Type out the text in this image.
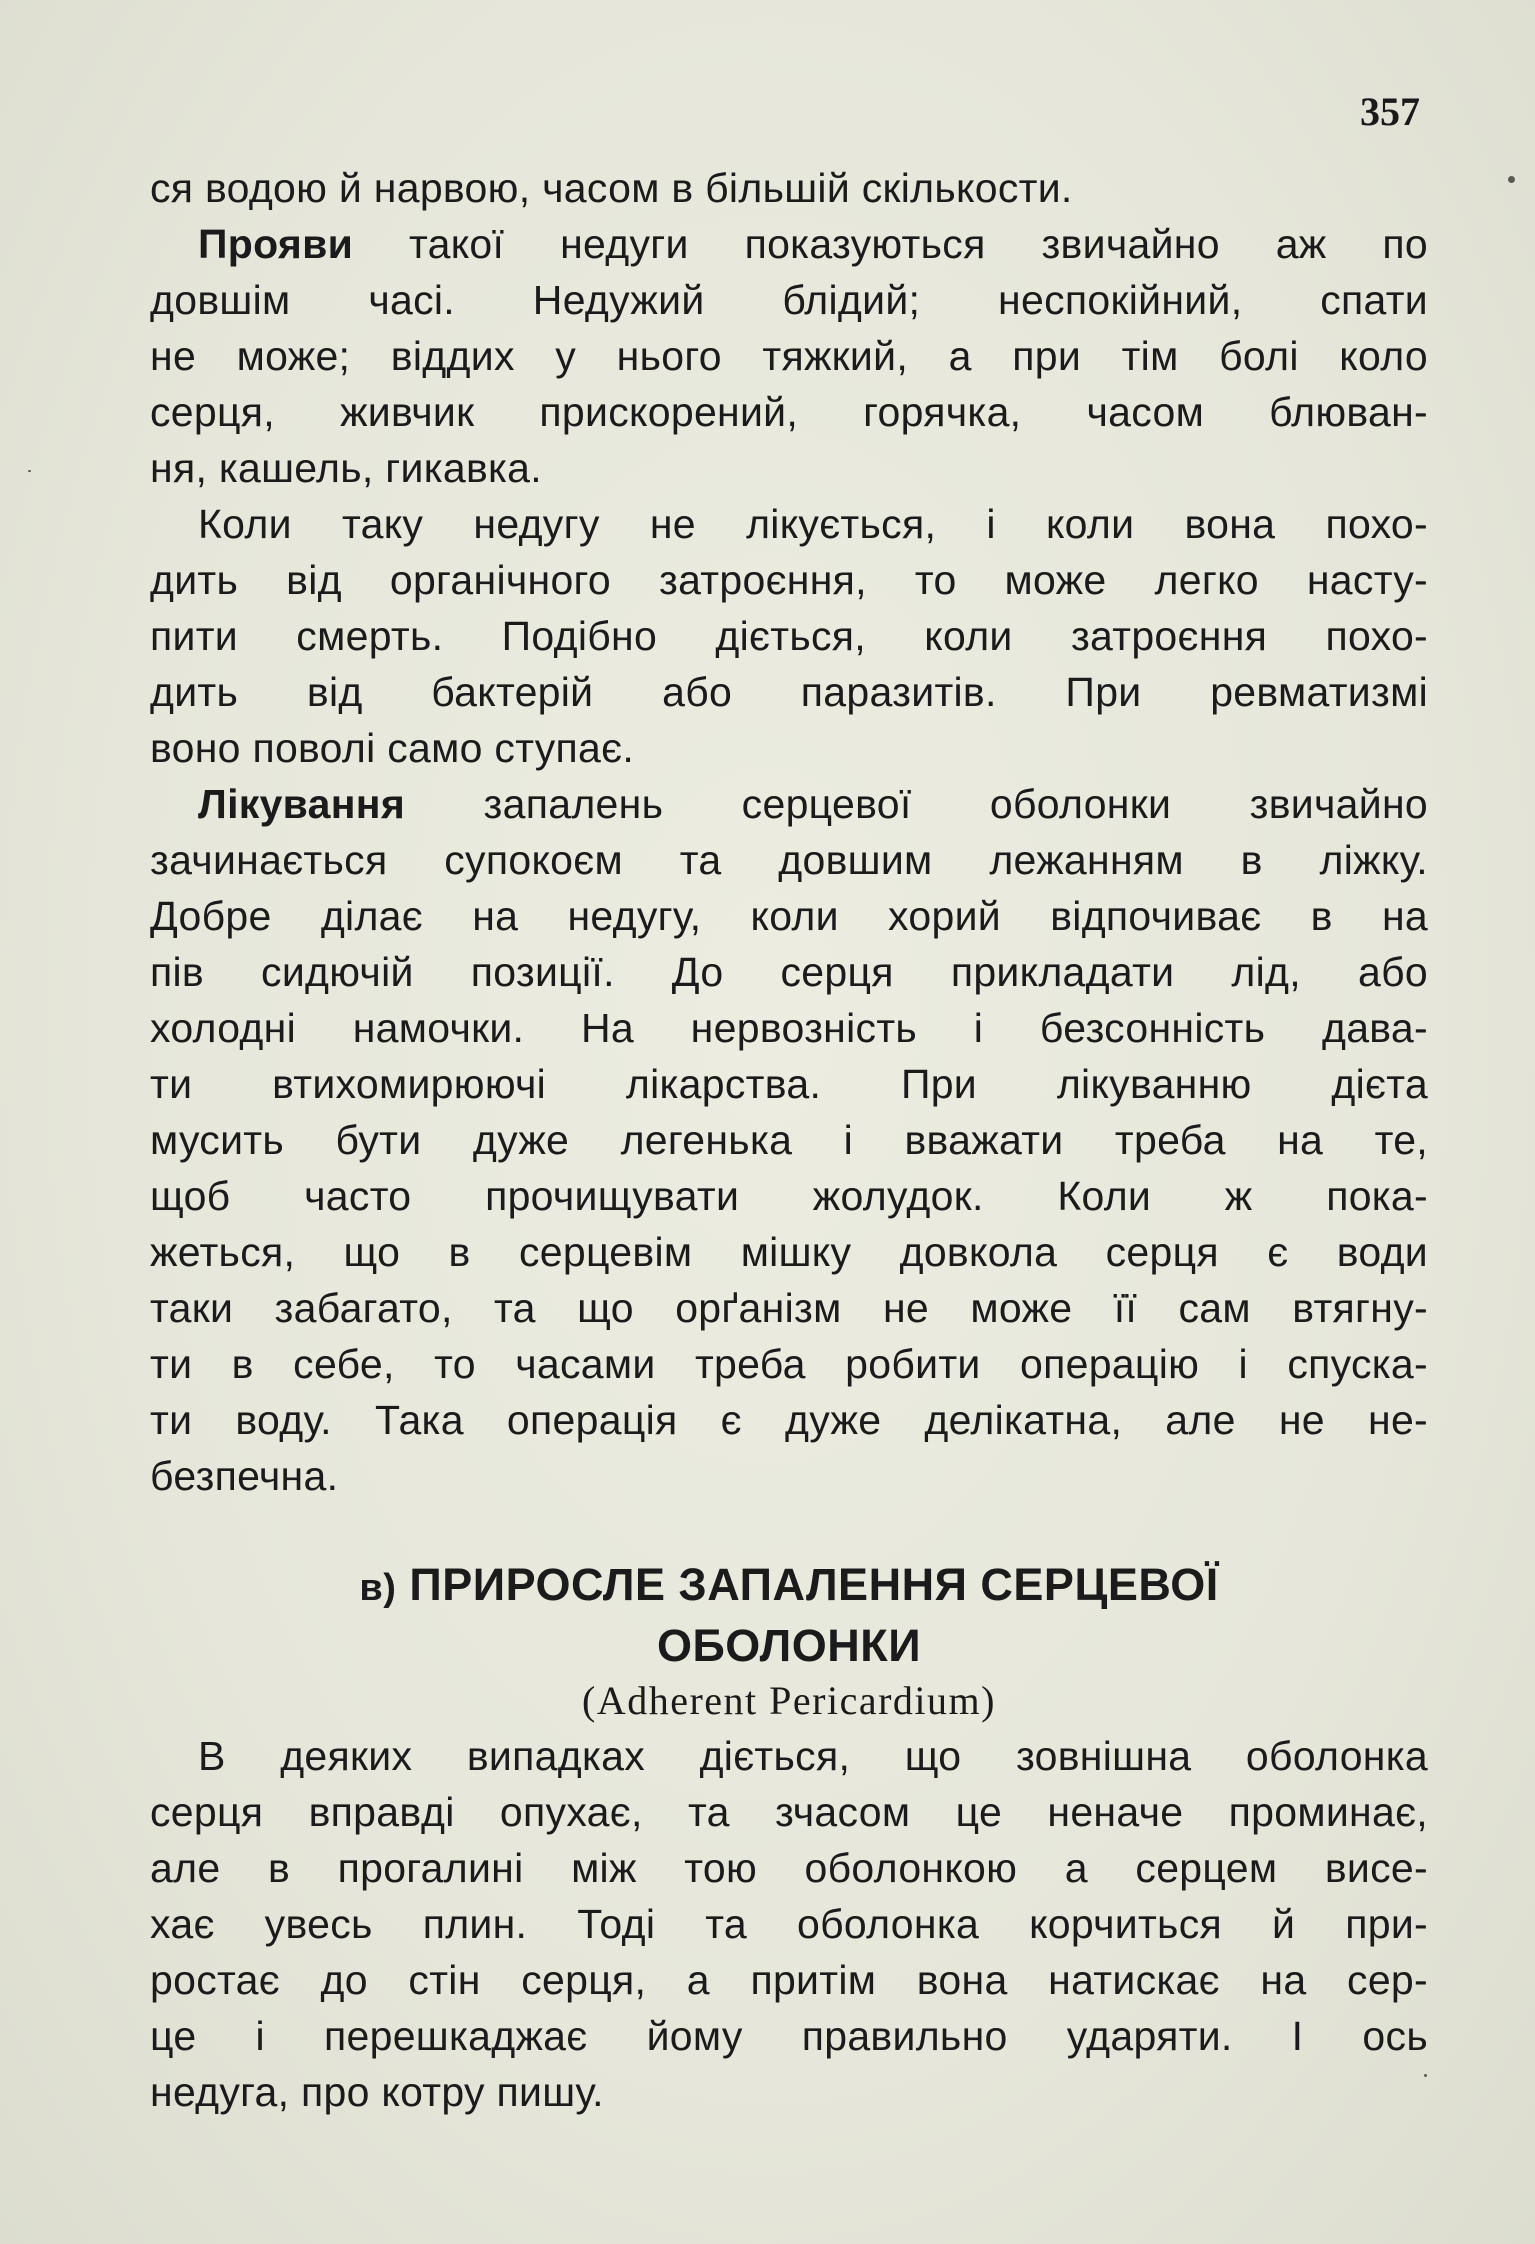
357
ся водою й нарвою, часом в більшій скількости.
Прояви такої недуги показуються звичайно аж по
довшім часі. Недужий блідий; неспокійний, спати
не може; віддих у нього тяжкий, а при тім болі коло
серця, живчик прискорений, горячка, часом блюван-
ня, кашель, гикавка.
Коли таку недугу не лікується, і коли вона похо-
дить від органічного затроєння, то може легко насту-
пити смерть. Подібно діється, коли затроєння похо-
дить від бактерій або паразитів. При ревматизмі
воно поволі само ступає.
Лікування запалень серцевої оболонки звичайно
зачинається супокоєм та довшим лежанням в ліжку.
Добре ділає на недугу, коли хорий відпочиває в на
пів сидючій позиції. До серця прикладати лід, або
холодні намочки. На нервозність і безсонність дава-
ти втихомирюючі лікарства. При лікуванню дієта
мусить бути дуже легенька і вважати треба на те,
щоб часто прочищувати жолудок. Коли ж пока-
жеться, що в серцевім мішку довкола серця є води
таки забагато, та що орґанізм не може її сам втягну-
ти в себе, то часами треба робити операцію і спуска-
ти воду. Така операція є дуже делікатна, але не не-
безпечна.
в) ПРИРОСЛЕ ЗАПАЛЕННЯ СЕРЦЕВОЇ
ОБОЛОНКИ
(Adherent Pericardium)
В деяких випадках діється, що зовнішна оболонка
серця вправді опухає, та зчасом це неначе проминає,
але в прогалині між тою оболонкою а серцем висе-
хає увесь плин. Тоді та оболонка корчиться й при-
ростає до стін серця, а притім вона натискає на сер-
це і перешкаджає йому правильно ударяти. І ось
недуга, про котру пишу.
